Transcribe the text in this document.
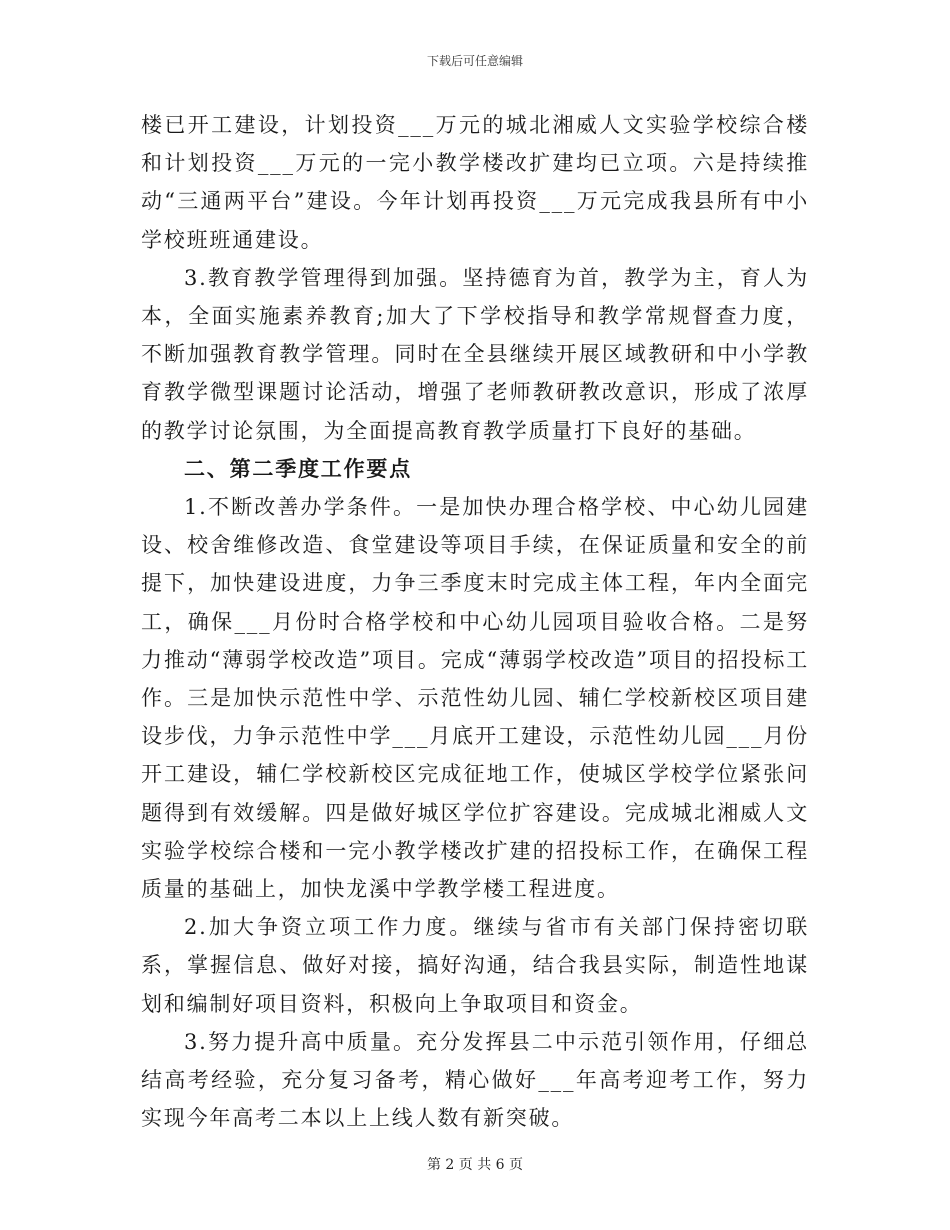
下载后可任意编辑

楼已开工建设，计划投资___万元的城北湘威人文实验学校综合楼和计划投资___万元的一完小教学楼改扩建均已立项。六是持续推动“三通两平台”建设。今年计划再投资___万元完成我县所有中小学校班班通建设。

3.教育教学管理得到加强。坚持德育为首，教学为主，育人为本，全面实施素养教育;加大了下学校指导和教学常规督查力度，不断加强教育教学管理。同时在全县继续开展区域教研和中小学教育教学微型课题讨论活动，增强了老师教研教改意识，形成了浓厚的教学讨论氛围，为全面提高教育教学质量打下良好的基础。

二、第二季度工作要点

1.不断改善办学条件。一是加快办理合格学校、中心幼儿园建设、校舍维修改造、食堂建设等项目手续，在保证质量和安全的前提下，加快建设进度，力争三季度末时完成主体工程，年内全面完工，确保___月份时合格学校和中心幼儿园项目验收合格。二是努力推动“薄弱学校改造”项目。完成“薄弱学校改造”项目的招投标工作。三是加快示范性中学、示范性幼儿园、辅仁学校新校区项目建设步伐，力争示范性中学___月底开工建设，示范性幼儿园___月份开工建设，辅仁学校新校区完成征地工作，使城区学校学位紧张问题得到有效缓解。四是做好城区学位扩容建设。完成城北湘威人文实验学校综合楼和一完小教学楼改扩建的招投标工作，在确保工程质量的基础上，加快龙溪中学教学楼工程进度。

2.加大争资立项工作力度。继续与省市有关部门保持密切联系，掌握信息、做好对接，搞好沟通，结合我县实际，制造性地谋划和编制好项目资料，积极向上争取项目和资金。

3.努力提升高中质量。充分发挥县二中示范引领作用，仔细总结高考经验，充分复习备考，精心做好___年高考迎考工作，努力实现今年高考二本以上上线人数有新突破。

第 2 页 共 6 页
